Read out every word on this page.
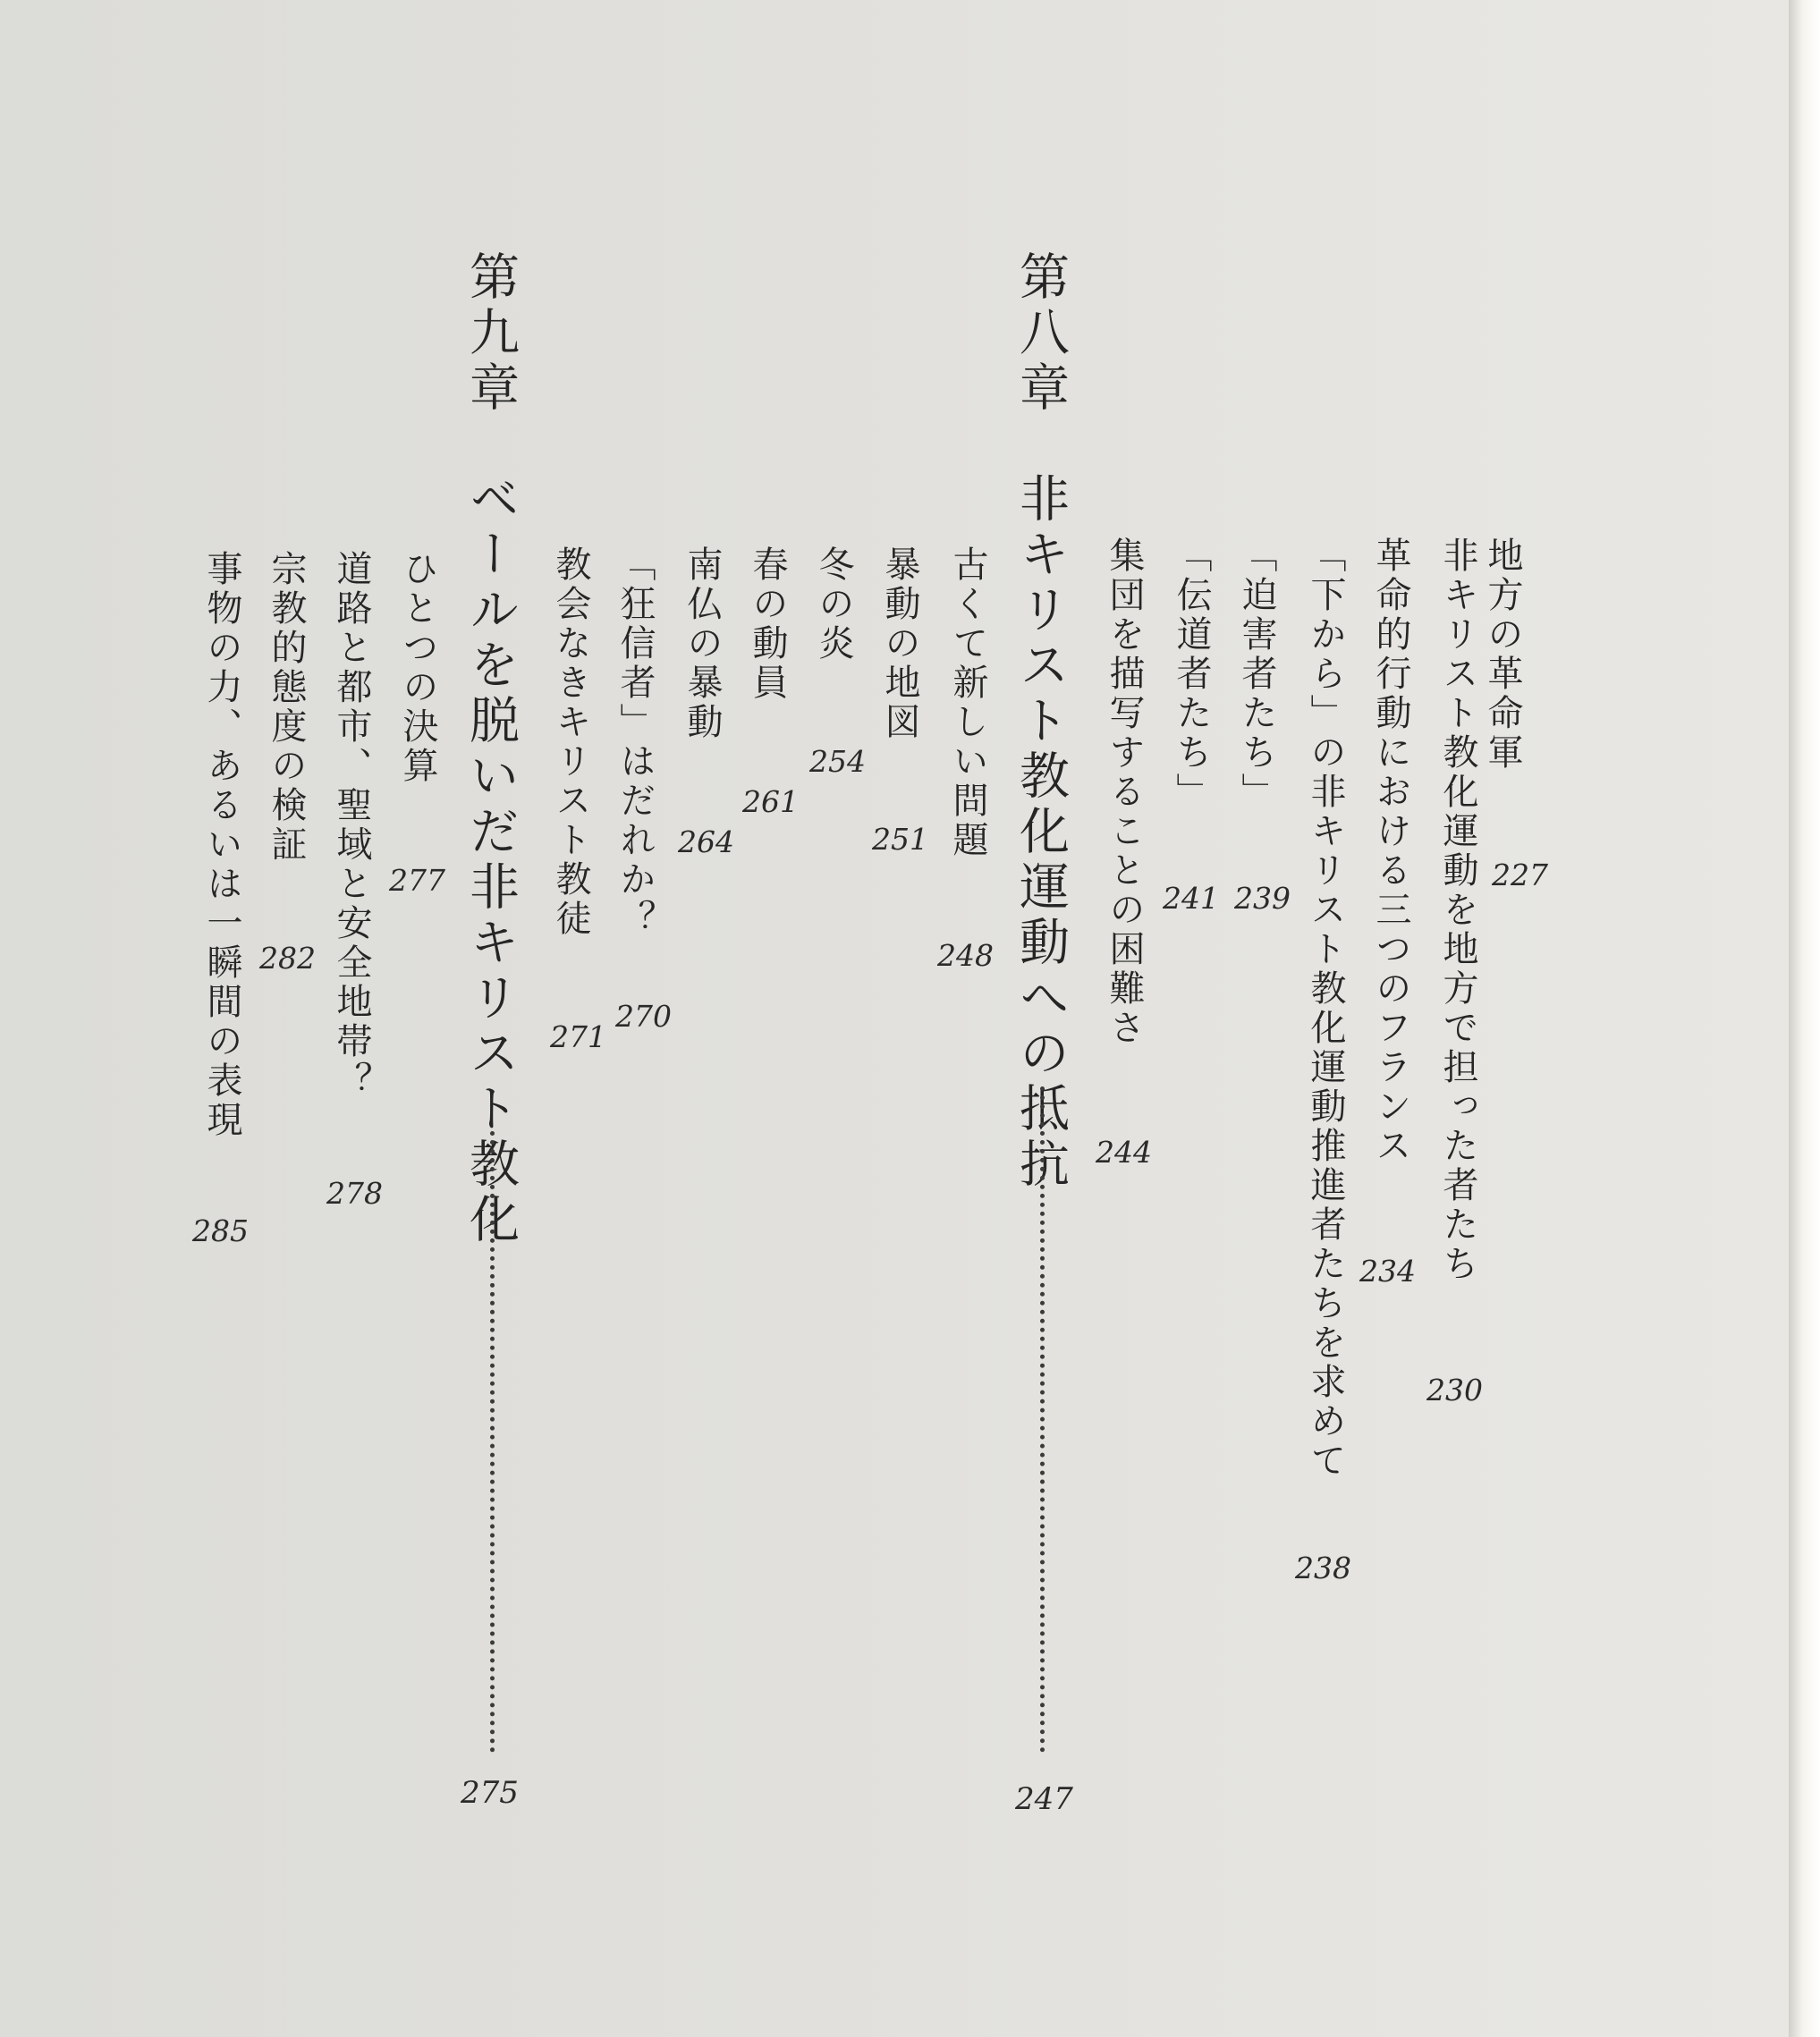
地方の革命軍
227
非キリスト教化運動を地方で担った者たち
230
革命的行動における三つのフランス
234
「下から」の非キリスト教化運動推進者たちを求めて
238
「迫害者たち」
239
「伝道者たち」
241
集団を描写することの困難さ
244
第八章　非キリスト教化運動への抵抗
247
古くて新しい問題
248
暴動の地図
251
冬の炎
254
春の動員
261
南仏の暴動
264
「狂信者」はだれか？
270
教会なきキリスト教徒
271
第九章　ベールを脱いだ非キリスト教化
275
ひとつの決算
277
道路と都市、聖域と安全地帯？
278
宗教的態度の検証
282
事物の力、あるいは一瞬間の表現
285
